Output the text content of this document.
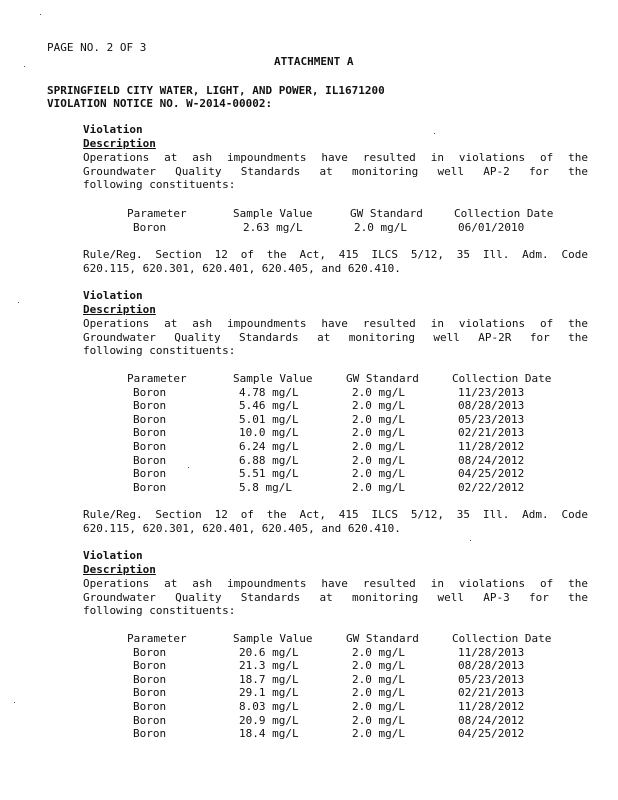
PAGE NO. 2 OF 3
ATTACHMENT A
SPRINGFIELD CITY WATER, LIGHT, AND POWER, IL1671200
VIOLATION NOTICE NO. W-2014-00002:
Violation
Description
Operations at ash impoundments have resulted in violations of the
Groundwater Quality Standards at monitoring well AP-2 for the
following constituents:
Parameter	Sample Value	GW Standard	Collection Date
Boron	2.63 mg/L	2.0 mg/L	06/01/2010
Rule/Reg. Section 12 of the Act, 415 ILCS 5/12, 35 Ill. Adm. Code
620.115, 620.301, 620.401, 620.405, and 620.410.
Violation
Description
Operations at ash impoundments have resulted in violations of the
Groundwater Quality Standards at monitoring well AP-2R for the
following constituents:
Parameter	Sample Value	GW Standard	Collection Date
Boron	4.78 mg/L	2.0 mg/L	11/23/2013
Boron	5.46 mg/L	2.0 mg/L	08/28/2013
Boron	5.01 mg/L	2.0 mg/L	05/23/2013
Boron	10.0 mg/L	2.0 mg/L	02/21/2013
Boron	6.24 mg/L	2.0 mg/L	11/28/2012
Boron	6.88 mg/L	2.0 mg/L	08/24/2012
Boron	5.51 mg/L	2.0 mg/L	04/25/2012
Boron	5.8 mg/L	2.0 mg/L	02/22/2012
Rule/Reg. Section 12 of the Act, 415 ILCS 5/12, 35 Ill. Adm. Code
620.115, 620.301, 620.401, 620.405, and 620.410.
Violation
Description
Operations at ash impoundments have resulted in violations of the
Groundwater Quality Standards at monitoring well AP-3 for the
following constituents:
Parameter	Sample Value	GW Standard	Collection Date
Boron	20.6 mg/L	2.0 mg/L	11/28/2013
Boron	21.3 mg/L	2.0 mg/L	08/28/2013
Boron	18.7 mg/L	2.0 mg/L	05/23/2013
Boron	29.1 mg/L	2.0 mg/L	02/21/2013
Boron	8.03 mg/L	2.0 mg/L	11/28/2012
Boron	20.9 mg/L	2.0 mg/L	08/24/2012
Boron	18.4 mg/L	2.0 mg/L	04/25/2012
